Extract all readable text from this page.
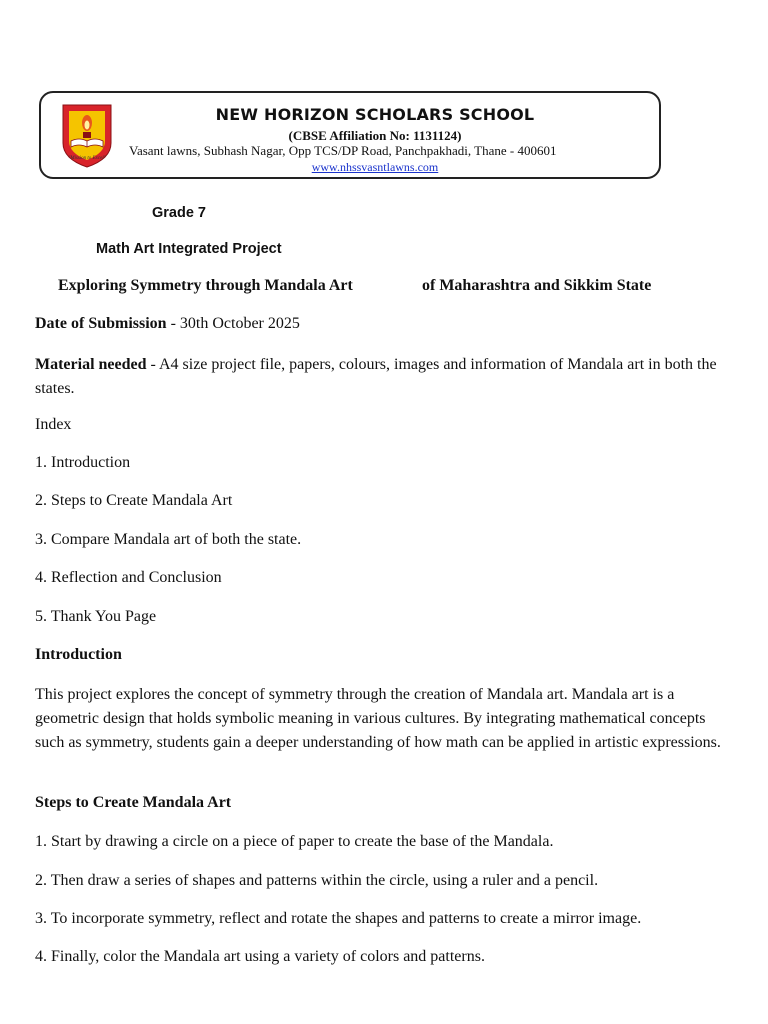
"Mission to Excel"
NEW HORIZON SCHOLARS SCHOOL
(CBSE Affiliation No: 1131124)
Vasant lawns, Subhash Nagar, Opp TCS/DP Road, Panchpakhadi, Thane - 400601
www.nhssvasntlawns.com
Grade 7
Math Art Integrated Project
Exploring Symmetry through Mandala Art	of Maharashtra and Sikkim State
Date of Submission - 30th October 2025
Material needed - A4 size project file, papers, colours, images and information of Mandala art in both the states.
Index
1. Introduction
2. Steps to Create Mandala Art
3. Compare Mandala art of both the state.
4. Reflection and Conclusion
5. Thank You Page
Introduction
This project explores the concept of symmetry through the creation of Mandala art. Mandala art is a geometric design that holds symbolic meaning in various cultures. By integrating mathematical concepts such as symmetry, students gain a deeper understanding of how math can be applied in artistic expressions.
Steps to Create Mandala Art
1. Start by drawing a circle on a piece of paper to create the base of the Mandala.
2. Then draw a series of shapes and patterns within the circle, using a ruler and a pencil.
3. To incorporate symmetry, reflect and rotate the shapes and patterns to create a mirror image.
4. Finally, color the Mandala art using a variety of colors and patterns.
